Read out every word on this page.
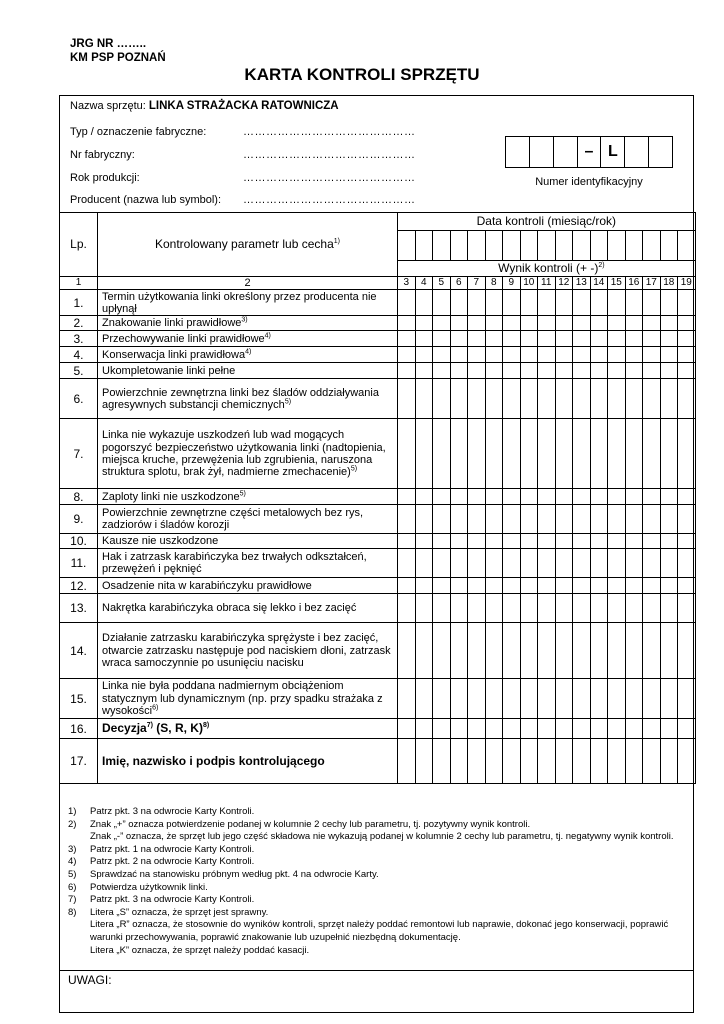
JRG NR ……..
KM PSP POZNAŃ
KARTA KONTROLI SPRZĘTU
Nazwa sprzętu: LINKA STRAŻACKA RATOWNICZA
Typ / oznaczenie fabryczne:	………………………………………
Nr fabryczny:	………………………………………
Rok produkcji:	………………………………………
Producent (nazwa lub symbol): ………………………………………
– L
Numer identyfikacyjny
Lp.	Kontrolowany parametr lub cecha$^{1)}$	Data kontroli (miesiąc/rok)																

		Wynik kontroli (+ -)$^{2)}$
1	2	3	4	5	6	7	8	9	10	11	12	13	14	15	16	17	18	19
1.	Termin użytkowania linki określony przez producenta nie upłynął																	
2.	Znakowanie linki prawidłowe$^{3)}$																	
3.	Przechowywanie linki prawidłowe$^{4)}$																	
4.	Konserwacja linki prawidłowa$^{4)}$																	
5.	Ukompletowanie linki pełne																	
6.	Powierzchnie zewnętrzna linki bez śladów oddziaływania agresywnych substancji chemicznych$^{5)}$																	
7.	Linka nie wykazuje uszkodzeń lub wad mogących pogorszyć bezpieczeństwo użytkowania linki (nadtopienia, miejsca kruche, przewężenia lub zgrubienia, naruszona struktura splotu, brak żył, nadmierne zmechacenie)$^{5)}$																	
8.	Zaploty linki nie uszkodzone$^{5)}$																	
9.	Powierzchnie zewnętrzne części metalowych bez rys, zadziorów i śladów korozji																	
10.	Kausze nie uszkodzone																	
11.	Hak i zatrzask karabińczyka bez trwałych odkształceń, przewężeń i pęknięć																	
12.	Osadzenie nita w karabińczyku prawidłowe																	
13.	Nakrętka karabińczyka obraca się lekko i bez zacięć																	
14.	Działanie zatrzasku karabińczyka sprężyste i bez zacięć, otwarcie zatrzasku następuje pod naciskiem dłoni, zatrzask wraca samoczynnie po usunięciu nacisku																	
15.	Linka nie była poddana nadmiernym obciążeniom statycznym lub dynamicznym (np. przy spadku strażaka z wysokości$^{6)}$																	
16.	Decyzja$^{7)}$ (S, R, K)$^{8)}$																	
17.	Imię, nazwisko i podpis kontrolującego																	
1)	Patrz pkt. 3 na odwrocie Karty Kontroli.
2)	Znak „+” oznacza potwierdzenie podanej w kolumnie 2 cechy lub parametru, tj. pozytywny wynik kontroli.
Znak „-” oznacza, że sprzęt lub jego część składowa nie wykazują podanej w kolumnie 2 cechy lub parametru, tj. negatywny wynik kontroli.
3)	Patrz pkt. 1 na odwrocie Karty Kontroli.
4)	Patrz pkt. 2 na odwrocie Karty Kontroli.
5)	Sprawdzać na stanowisku próbnym według pkt. 4 na odwrocie Karty.
6)	Potwierdza użytkownik linki.
7)	Patrz pkt. 3 na odwrocie Karty Kontroli.
8)	Litera „S” oznacza, że sprzęt jest sprawny.
Litera „R” oznacza, że stosownie do wyników kontroli, sprzęt należy poddać remontowi lub naprawie, dokonać jego konserwacji, poprawić warunki przechowywania, poprawić znakowanie lub uzupełnić niezbędną dokumentację.
Litera „K” oznacza, że sprzęt należy poddać kasacji.
UWAGI:
